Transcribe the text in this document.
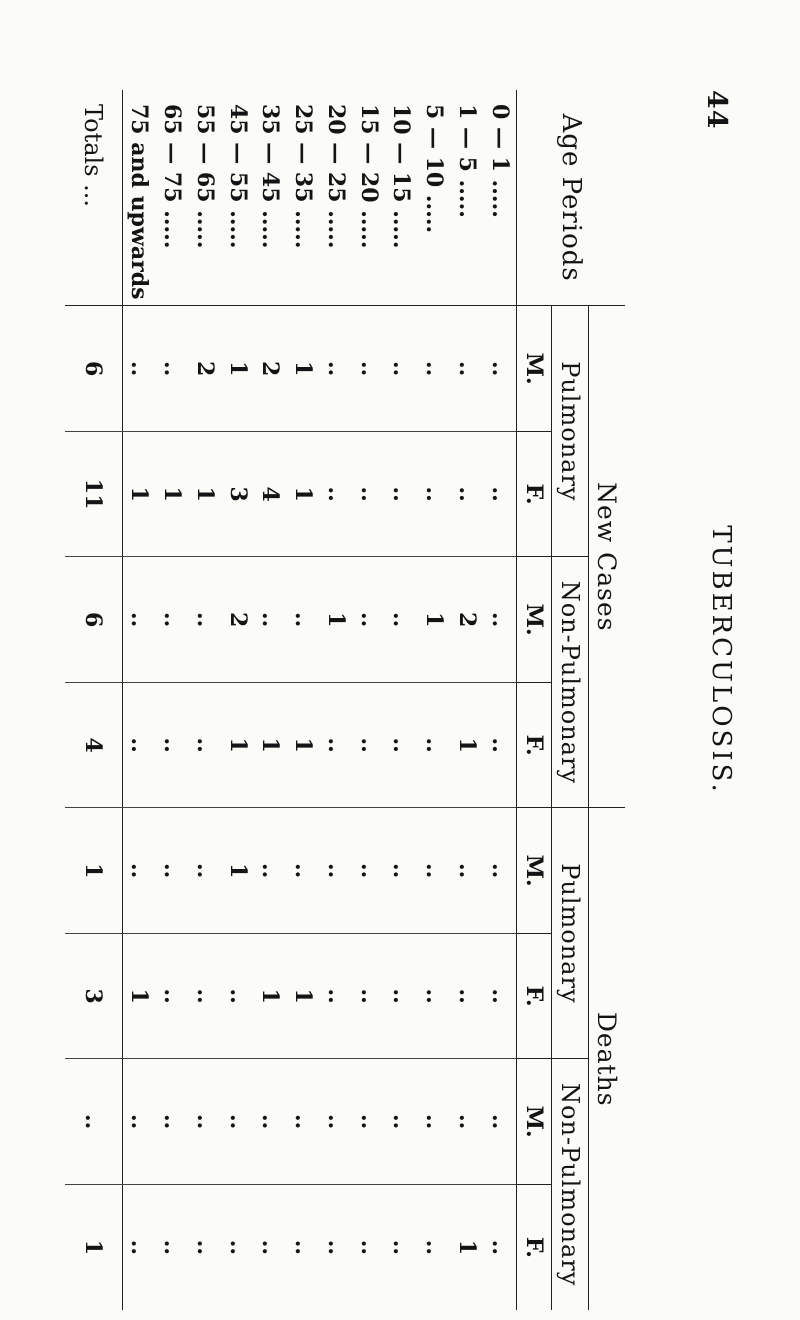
44
TUBERCULOSIS.
Age Periods	New Cases				Deaths			
	Pulmonary		Non-Pulmonary		Pulmonary		Non-Pulmonary	
	M.	F.	M.	F.	M.	F.	M.	F.
0 — 1 .....	..	..	..	..	..	..	..	..
1 — 5 .....	..	..	2	1	..	..	..	1
5 — 10 .....	..	..	1	..	..	..	..	..
10 — 15 .....	..	..	..	..	..	..	..	..
15 — 20 .....	..	..	..	..	..	..	..	..
20 — 25 .....	..	..	1	..	..	..	..	..
25 — 35 .....	1	1	..	1	..	1	..	..
35 — 45 .....	2	4	..	1	..	1	..	..
45 — 55 .....	1	3	2	1	1	..	..	..
55 — 65 .....	2	1	..	..	..	..	..	..
65 — 75 .....	..	1	..	..	..	..	..	..
75 and upwards	..	1	..	..	..	1	..	..
Totals ...	6	11	6	4	1	3	..	1
